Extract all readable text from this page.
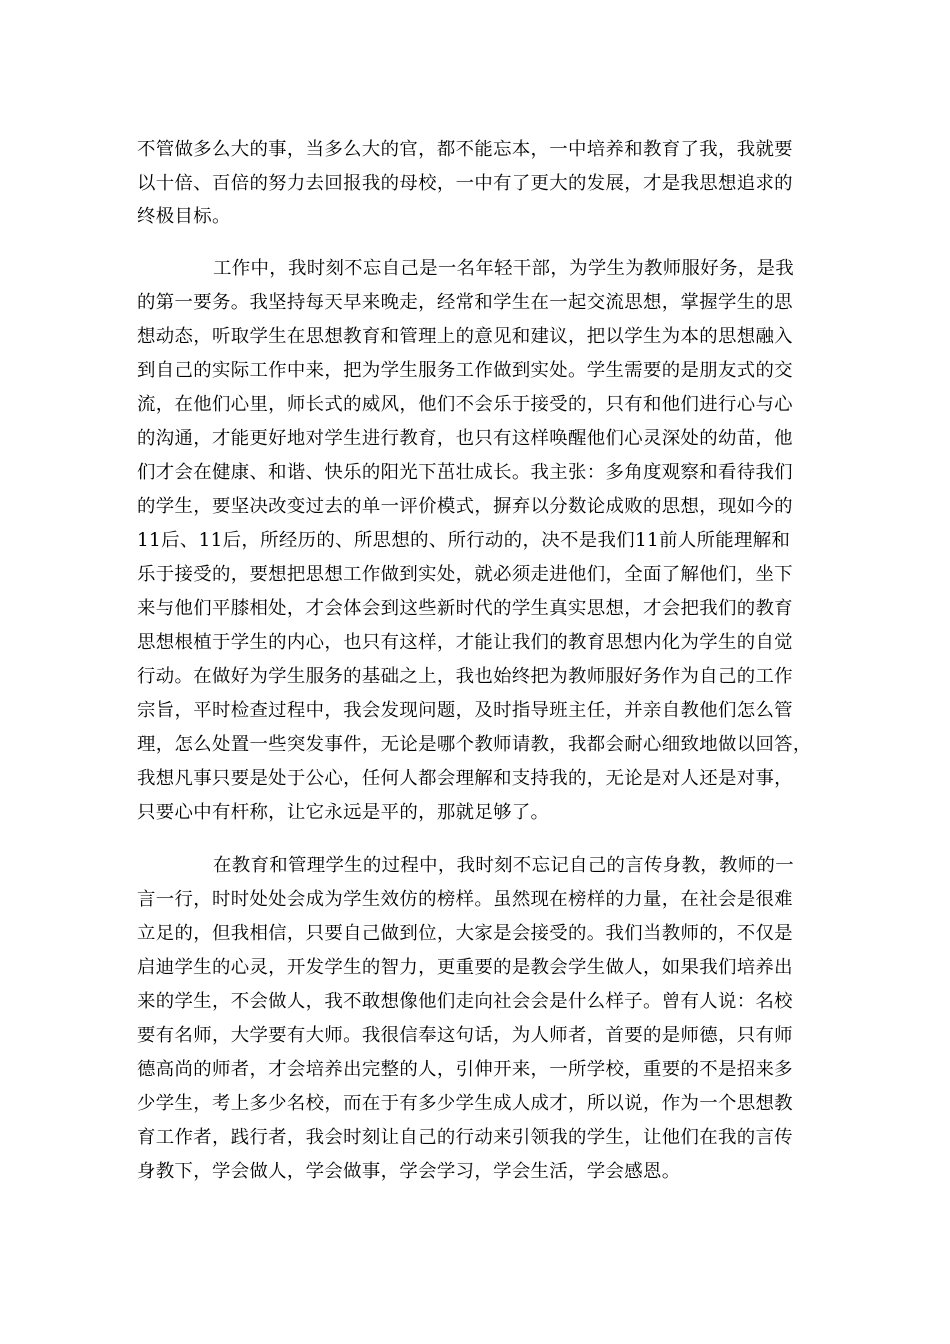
不管做多么大的事，当多么大的官，都不能忘本，一中培养和教育了我，我就要
以十倍、百倍的努力去回报我的母校，一中有了更大的发展，才是我思想追求的
终极目标。
工作中，我时刻不忘自己是一名年轻干部，为学生为教师服好务，是我
的第一要务。我坚持每天早来晚走，经常和学生在一起交流思想，掌握学生的思
想动态，听取学生在思想教育和管理上的意见和建议，把以学生为本的思想融入
到自己的实际工作中来，把为学生服务工作做到实处。学生需要的是朋友式的交
流，在他们心里，师长式的威风，他们不会乐于接受的，只有和他们进行心与心
的沟通，才能更好地对学生进行教育，也只有这样唤醒他们心灵深处的幼苗，他
们才会在健康、和谐、快乐的阳光下茁壮成长。我主张：多角度观察和看待我们
的学生，要坚决改变过去的单一评价模式，摒弃以分数论成败的思想，现如今的
11后、11后，所经历的、所思想的、所行动的，决不是我们11前人所能理解和
乐于接受的，要想把思想工作做到实处，就必须走进他们，全面了解他们，坐下
来与他们平膝相处，才会体会到这些新时代的学生真实思想，才会把我们的教育
思想根植于学生的内心，也只有这样，才能让我们的教育思想内化为学生的自觉
行动。在做好为学生服务的基础之上，我也始终把为教师服好务作为自己的工作
宗旨，平时检查过程中，我会发现问题，及时指导班主任，并亲自教他们怎么管
理，怎么处置一些突发事件，无论是哪个教师请教，我都会耐心细致地做以回答，
我想凡事只要是处于公心，任何人都会理解和支持我的，无论是对人还是对事，
只要心中有杆称，让它永远是平的，那就足够了。
在教育和管理学生的过程中，我时刻不忘记自己的言传身教，教师的一
言一行，时时处处会成为学生效仿的榜样。虽然现在榜样的力量，在社会是很难
立足的，但我相信，只要自己做到位，大家是会接受的。我们当教师的，不仅是
启迪学生的心灵，开发学生的智力，更重要的是教会学生做人，如果我们培养出
来的学生，不会做人，我不敢想像他们走向社会会是什么样子。曾有人说：名校
要有名师，大学要有大师。我很信奉这句话，为人师者，首要的是师德，只有师
德高尚的师者，才会培养出完整的人，引伸开来，一所学校，重要的不是招来多
少学生，考上多少名校，而在于有多少学生成人成才，所以说，作为一个思想教
育工作者，践行者，我会时刻让自己的行动来引领我的学生，让他们在我的言传
身教下，学会做人，学会做事，学会学习，学会生活，学会感恩。
